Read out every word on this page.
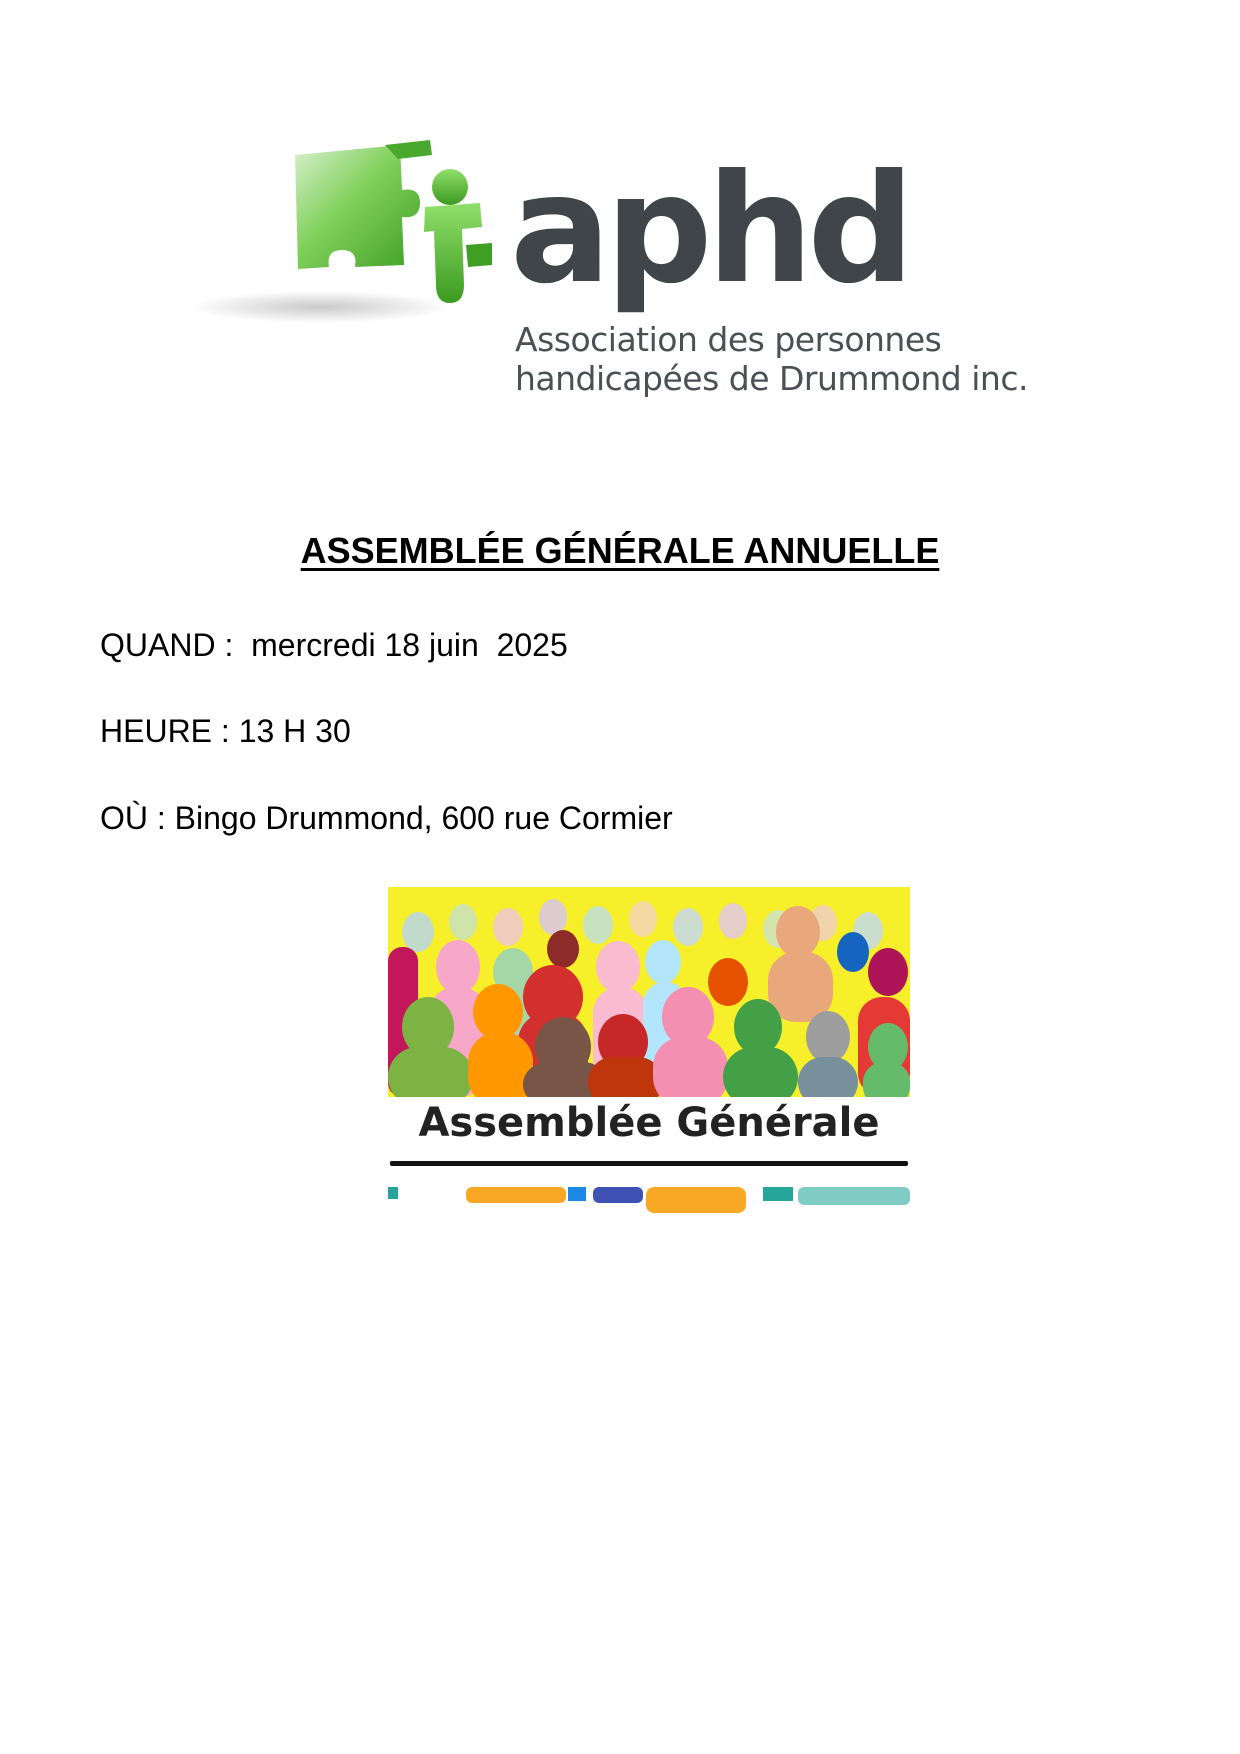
aphd
Association des personnes
handicapées de Drummond inc.
ASSEMBLÉE GÉNÉRALE ANNUELLE
QUAND :  mercredi 18 juin  2025
HEURE : 13 H 30
OÙ : Bingo Drummond, 600 rue Cormier
Assemblée Générale
